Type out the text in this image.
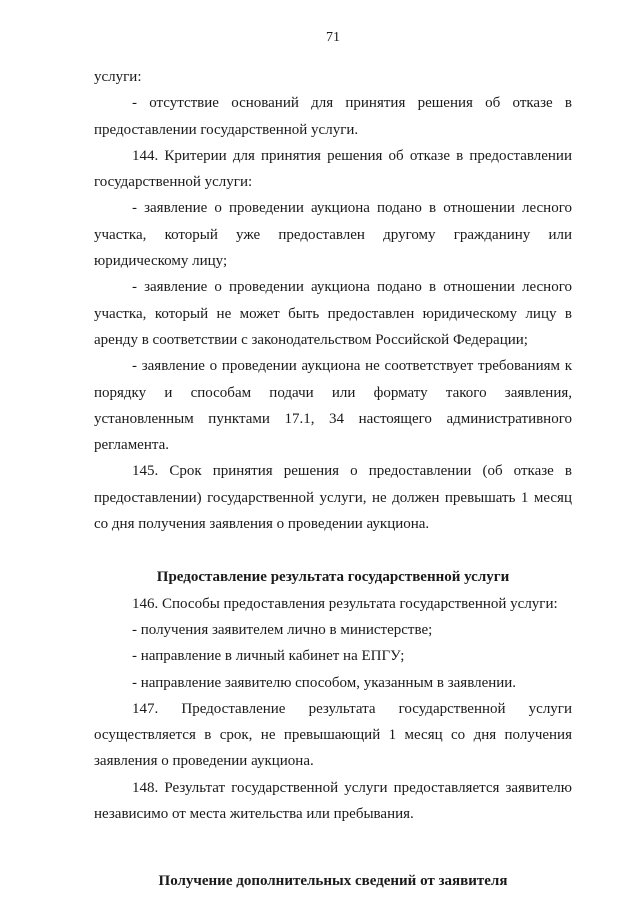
71

услуги:

- отсутствие оснований для принятия решения об отказе в предоставлении государственной услуги.

144. Критерии для принятия решения об отказе в предоставлении государственной услуги:

- заявление о проведении аукциона подано в отношении лесного участка, который уже предоставлен другому гражданину или юридическому лицу;

- заявление о проведении аукциона подано в отношении лесного участка, который не может быть предоставлен юридическому лицу в аренду в соответствии с законодательством Российской Федерации;

- заявление о проведении аукциона не соответствует требованиям к порядку и способам подачи или формату такого заявления, установленным пунктами 17.1, 34 настоящего административного регламента.

145. Срок принятия решения о предоставлении (об отказе в предоставлении) государственной услуги, не должен превышать 1 месяц со дня получения заявления о проведении аукциона.

Предоставление результата государственной услуги

146. Способы предоставления результата государственной услуги:

- получения заявителем лично в министерстве;

- направление в личный кабинет на ЕПГУ;

- направление заявителю способом, указанным в заявлении.

147. Предоставление результата государственной услуги осуществляется в срок, не превышающий 1 месяц со дня получения заявления о проведении аукциона.

148. Результат государственной услуги предоставляется заявителю независимо от места жительства или пребывания.

Получение дополнительных сведений от заявителя
